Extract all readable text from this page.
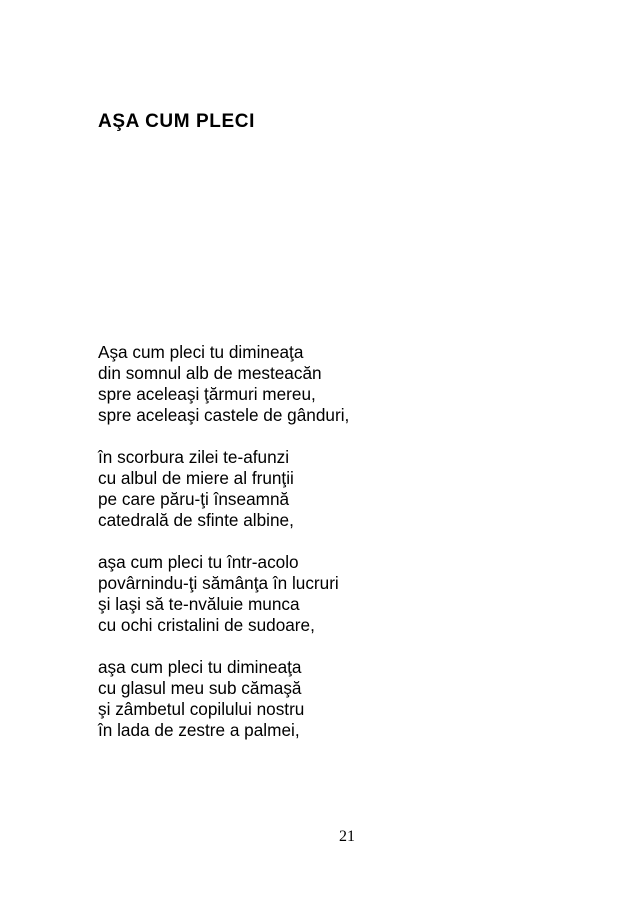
AŞA CUM PLECI
Aşa cum pleci tu dimineaţa
din somnul alb de mesteacăn
spre aceleaşi ţărmuri mereu,
spre aceleaşi castele de gânduri,
în scorbura zilei te-afunzi
cu albul de miere al frunţii
pe care păru-ţi înseamnă
catedrală de sfinte albine,
aşa cum pleci tu într-acolo
povârnindu-ţi sămânţa în lucruri
şi laşi să te-nvăluie munca
cu ochi cristalini de sudoare,
aşa cum pleci tu dimineaţa
cu glasul meu sub cămaşă
şi zâmbetul copilului nostru
în lada de zestre a palmei,
21
